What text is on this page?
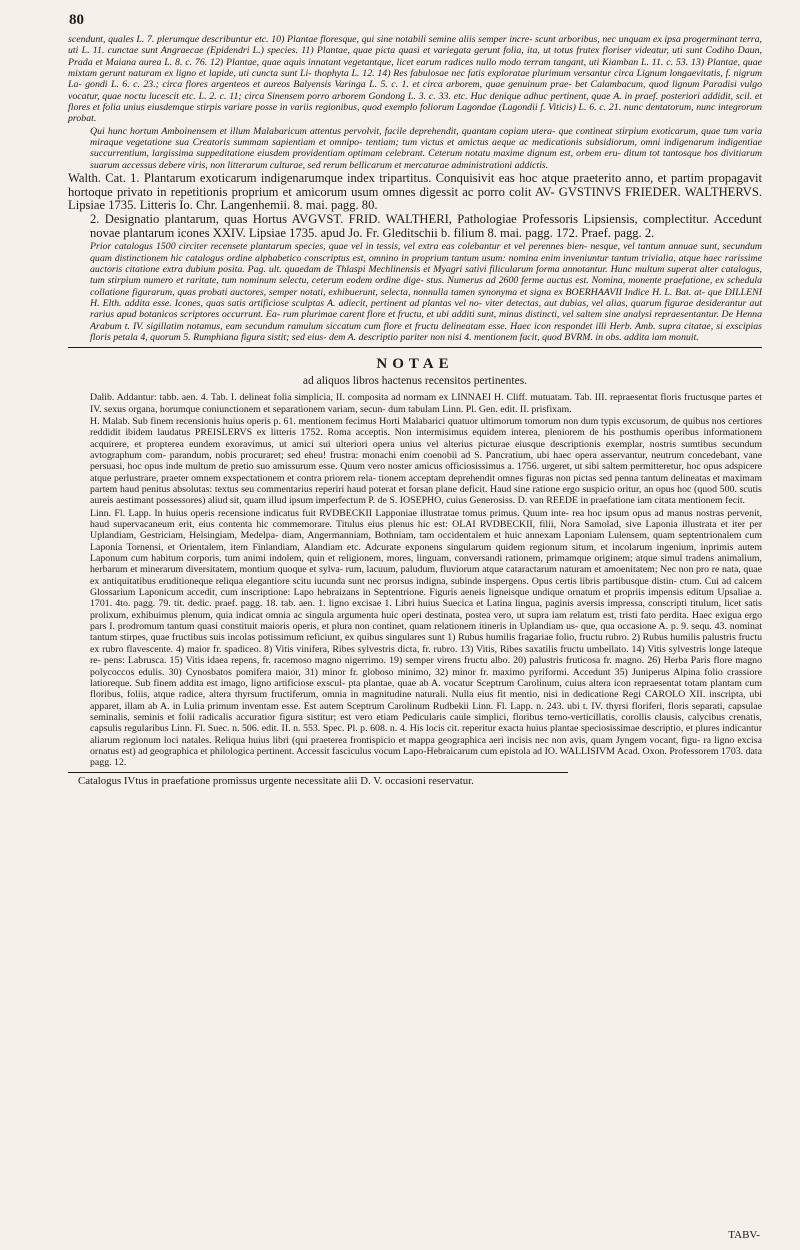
80

scendunt, quales L. 7. plerumque describuntur etc. 10) Plantae floresque, qui sine notabili semine aliis semper incre- scunt arboribus, nec unquam ex ipsa progerminant terra, uti L. 11. cunctae sunt Angraecae (Epidendri L.) species. 11) Plantae, quae picta quasi et variegata gerunt folia, ita, ut totus frutex floriser videatur, uti sunt Codiho Daun, Prada et Maiana aurea L. 8. c. 76. 12) Plantae, quae aquis innatant vegetantque, licet earum radices nullo modo terram tangant, uti Kiamban L. 11. c. 53. 13) Plantae, quae mixtam gerunt naturam ex ligno et lapide, uti cuncta sunt Li- thophyta L. 12. 14) Res fabulosae nec fatis exploratae plurimum versantur circa Lignum longaevitatis, f. nigrum La- gondi L. 6. c. 23.; circa flores argenteos et aureos Balyensis Varinga L. 5. c. 1. et circa arborem, quae genuinum prae- bet Calambacum, quod lignum Paradisi vulgo vocatur, quae noctu lucescit etc. L. 2. c. 11; circa Sinensem porro arborem Gondong L. 3. c. 33. etc. Huc denique adhuc pertinent, quae A. in praef. posteriori addidit, scil. et flores et folia unius eiusdemque stirpis variare posse in variis regionibus, quod exemplo foliorum Lagondae (Lagondii f. Viticis) L. 6. c. 21. nunc dentatorum, nunc integrorum probat.

Qui hunc hortum Amboinensem et illum Malabaricum attentus pervolvit, facile deprehendit, quantam copiam utera- que contineat stirpium exoticarum, quae tum varia miraque vegetatione sua Creatoris summam sapientiam et omnipo- tentiam; tum victus et amictus aeque ac medicationis subsidiorum, omni indigenarum indigentiae succurrentium, largissima suppeditatione eiusdem providentiam optimam celebrant. Ceterum notatu maxime dignum est, orbem eru- ditum tot tantosque hos divitiarum suarum accessus debere viris, non litterarum culturae, sed rerum bellicarum et mercaturae administrationi addictis.

Walth. Cat. 1. Plantarum exoticarum indigenarumque index tripartitus. Conquisivit eas hoc atque praeterito anno, et partim propagavit hortoque privato in repetitionis proprium et amicorum usum omnes digessit ac porro colit AV- GVSTINVS FRIEDER. WALTHERVS. Lipsiae 1735. Litteris Io. Chr. Langenhemii. 8. mai. pagg. 80.

2. Designatio plantarum, quas Hortus AVGVST. FRID. WALTHERI, Pathologiae Professoris Lipsiensis, complectitur. Accedunt novae plantarum icones XXIV. Lipsiae 1735. apud Jo. Fr. Gleditschii b. filium 8. mai. pagg. 172. Praef. pagg. 2.

Prior catalogus 1500 circiter recensete plantarum species, quae vel in tessis, vel extra eas colebantur et vel perennes bien- nesque, vel tantum annuae sunt, secundum quam distinctionem hic catalogus ordine alphabetico conscriptus est, omnino in proprium tantum usum: nomina enim inveniuntur tantum trivialia, atque haec rarissime auctoris citatione extra dubium posita. Pag. ult. quaedam de Thlaspi Mechlinensis et Myagri sativi filicularum forma annotantur. Hunc multum superat alter catalogus, tum stirpium numero et raritate, tum nominum selectu, ceterum eodem ordine dige- stus. Numerus ad 2600 ferme auctus est. Nomina, monente praefatione, ex schedula collatione figurarum, quas probati auctores, semper notati, exhibuerunt, selecta, nonnulla tamen synonyma et signa ex BOERHAAVII Indice H. L. Bat. at- que DILLENI H. Elth. addita esse. Icones, quas satis artificiose sculptas A. adiecit, pertinent ad plantas vel no- viter detectas, aut dubias, vel alias, quarum figurae desiderantur aut rarius apud botanicos scriptores occurrunt. Ea- rum plurimae carent flore et fructu, et ubi additi sunt, minus distincti, vel saltem sine analysi repraesentantur. De Henna Arabum t. IV. sigillatim notamus, eam secundum ramulum siccatum cum flore et fructu delineatam esse. Haec icon respondet illi Herb. Amb. supra citatae, si exscipias floris petala 4, quorum 5. Rumphiana figura sistit; sed eius- dem A. descriptio pariter non nisi 4. mentionem facit, quod BVRM. in obs. addita iam monuit.

NOTAE
ad aliquos libros hactenus recensitos pertinentes.

Dalib. Addantur: tabb. aen. 4. Tab. I. delineat folia simplicia, II. composita ad normam ex LINNAEI H. Cliff. mutuatam. Tab. III. repraesentat floris fructusque partes et IV. sexus organa, horumque coniunctionem et separationem variam, secun- dum tabulam Linn. Pl. Gen. edit. II. prisfixam.

H. Malab. Sub finem recensionis huius operis p. 61. mentionem fecimus Horti Malabarici quatuor ultimorum tomorum non dum typis excusorum, de quibus nos certiores reddidit ibidem laudatus PREISLERVS ex litteris 1752. Roma acceptis. Non intermisimus equidem interea, pleniorem de his posthumis operibus informationem acquirere, et propterea eundem exoravimus, ut amici sui ulteriori opera unius vel alterius picturae eiusque descriptionis exemplar, nostris sumtibus secundum avtographum com- parandum, nobis procuraret; sed eheu! frustra: monachi enim coenobii ad S. Pancratium, ubi haec opera asservantur, neutrum concedebant, vane persuasi, hoc opus inde multum de pretio suo amissurum esse. Quum vero noster amicus officiosissimus a. 1756. urgeret, ut sibi saltem permitteretur, hoc opus adspicere atque perlustrare, praeter omnem exspectationem et contra priorem rela- tionem acceptam deprehendit omnes figuras non pictas sed penna tantum delineatas et maximam partem haud penitus absolutas: textus seu commentarius reperiri haud poterat et forsan plane deficit. Haud sine ratione ergo suspicio oritur, an opus hoc (quod 500. scutis aureis aestimant possessores) aliud sit, quam illud ipsum imperfectum P. de S. IOSEPHO, cuius Generosiss. D. van REEDE in praefatione iam citata mentionem fecit.

Linn. Fl. Lapp. In huius operis recensione indicatus fuit RVDBECKII Lapponiae illustratae tomus primus. Quum inte- rea hoc ipsum opus ad manus nostras pervenit, haud supervacaneum erit, eius contenta hic commemorare. Titulus eius plenus hic est: OLAI RVDBECKII, filii, Nora Samolad, sive Laponia illustrata et iter per Uplandiam, Gestriciam, Helsingiam, Medelpa- diam, Angermanniam, Bothniam, tam occidentalem et huic annexam Laponiam Lulensem, quam septentrionalem cum Laponia Tornensi, et Orientalem, item Finlandiam, Alandiam etc. Adcurate exponens singularum quidem regionum situm, et incolarum ingenium, inprimis autem Laponum cum habitum corporis, tum animi indolem, quin et religionem, mores, linguam, conversandi rationem, primamque originem; atque simul tradens animalium, herbarum et minerarum diversitatem, montium quoque et sylva- rum, lacuum, paludum, fluviorum atque cataractarum naturam et amoenitatem; Nec non pro re nata, quae ex antiquitatibus eruditioneque reliqua elegantiore scitu iucunda sunt nec prorsus indigna, subinde inspergens. Opus certis libris partibusque distin- ctum. Cui ad calcem Glossarium Laponicum accedit, cum inscriptione: Lapo hebraizans in Septentrione. Figuris aeneis ligneisque undique ornatum et propriis impensis editum Upsaliae a. 1701. 4to. pagg. 79. tit. dedic. praef. pagg. 18. tab. aen. 1. ligno excisae 1. Libri huius Suecica et Latina lingua, paginis aversis impressa, conscripti titulum, licet satis prolixum, exhibuimus plenum, quia indicat omnia ac singula argumenta huic operi destinata, postea vero, ut supra iam relatum est, tristi fato perdita. Haec exigua ergo pars I. prodromum tantum quasi constituit maioris operis, et plura non continet, quam relationem itineris in Uplandiam us- que, qua occasione A. p. 9. sequ. 43. nominat tantum stirpes, quae fructibus suis incolas potissimum reficiunt, ex quibus singulares sunt 1) Rubus humilis fragariae folio, fructu rubro. 2) Rubus humilis palustris fructu ex rubro flavescente. 4) maior fr. spadiceo. 8) Vitis vinifera, Ribes sylvestris dicta, fr. rubro. 13) Vitis, Ribes saxatilis fructu umbellato. 14) Vitis sylvestris longe lateque re- pens: Labrusca. 15) Vitis idaea repens, fr. racemoso magno nigerrimo. 19) semper virens fructu albo. 20) palustris fruticosa fr. magno. 26) Herba Paris flore magno polycoccos edulis. 30) Cynosbatos pomifera maior, 31) minor fr. globoso minimo, 32) minor fr. maximo pyriformi. Accedunt 35) Juniperus Alpina folio crassiore latioreque. Sub finem addita est imago, ligno artificiose exscul- pta plantae, quae ab A. vocatur Sceptrum Carolinum, cuius altera icon repraesentat totam plantam cum floribus, foliis, atque radice, altera thyrsum fructiferum, omnia in magnitudine naturali. Nulla eius fit mentio, nisi in dedicatione Regi CAROLO XII. inscripta, ubi apparet, illam ab A. in Lulia primum inventam esse. Est autem Sceptrum Carolinum Rudbekii Linn. Fl. Lapp. n. 243. ubi t. IV. thyrsi floriferi, floris separati, capsulae seminalis, seminis et folii radicalis accuratior figura sistitur; est vero etiam Pedicularis caule simplici, floribus terno-verticillatis, corollis clausis, calycibus crenatis, capsulis regularibus Linn. Fl. Suec. n. 506. edit. II. n. 553. Spec. Pl. p. 608. n. 4. His locis cit. reperitur exacta huius plantae speciosissimae descriptio, et plures indicantur aliarum regionum loci natales. Reliqua huius libri (qui praeterea frontispicio et mappa geographica aeri incisis nec non avis, quam Jyngem vocant, figu- ra ligno excisa ornatus est) ad geographica et philologica pertinent. Accessit fasciculus vocum Lapo-Hebraicarum cum epistola ad IO. WALLISIVM Acad. Oxon. Professorem 1703. data pagg. 12.

Catalogus IVtus in praefatione promissus urgente necessitate alii D. V. occasioni reservatur.

TABV-
